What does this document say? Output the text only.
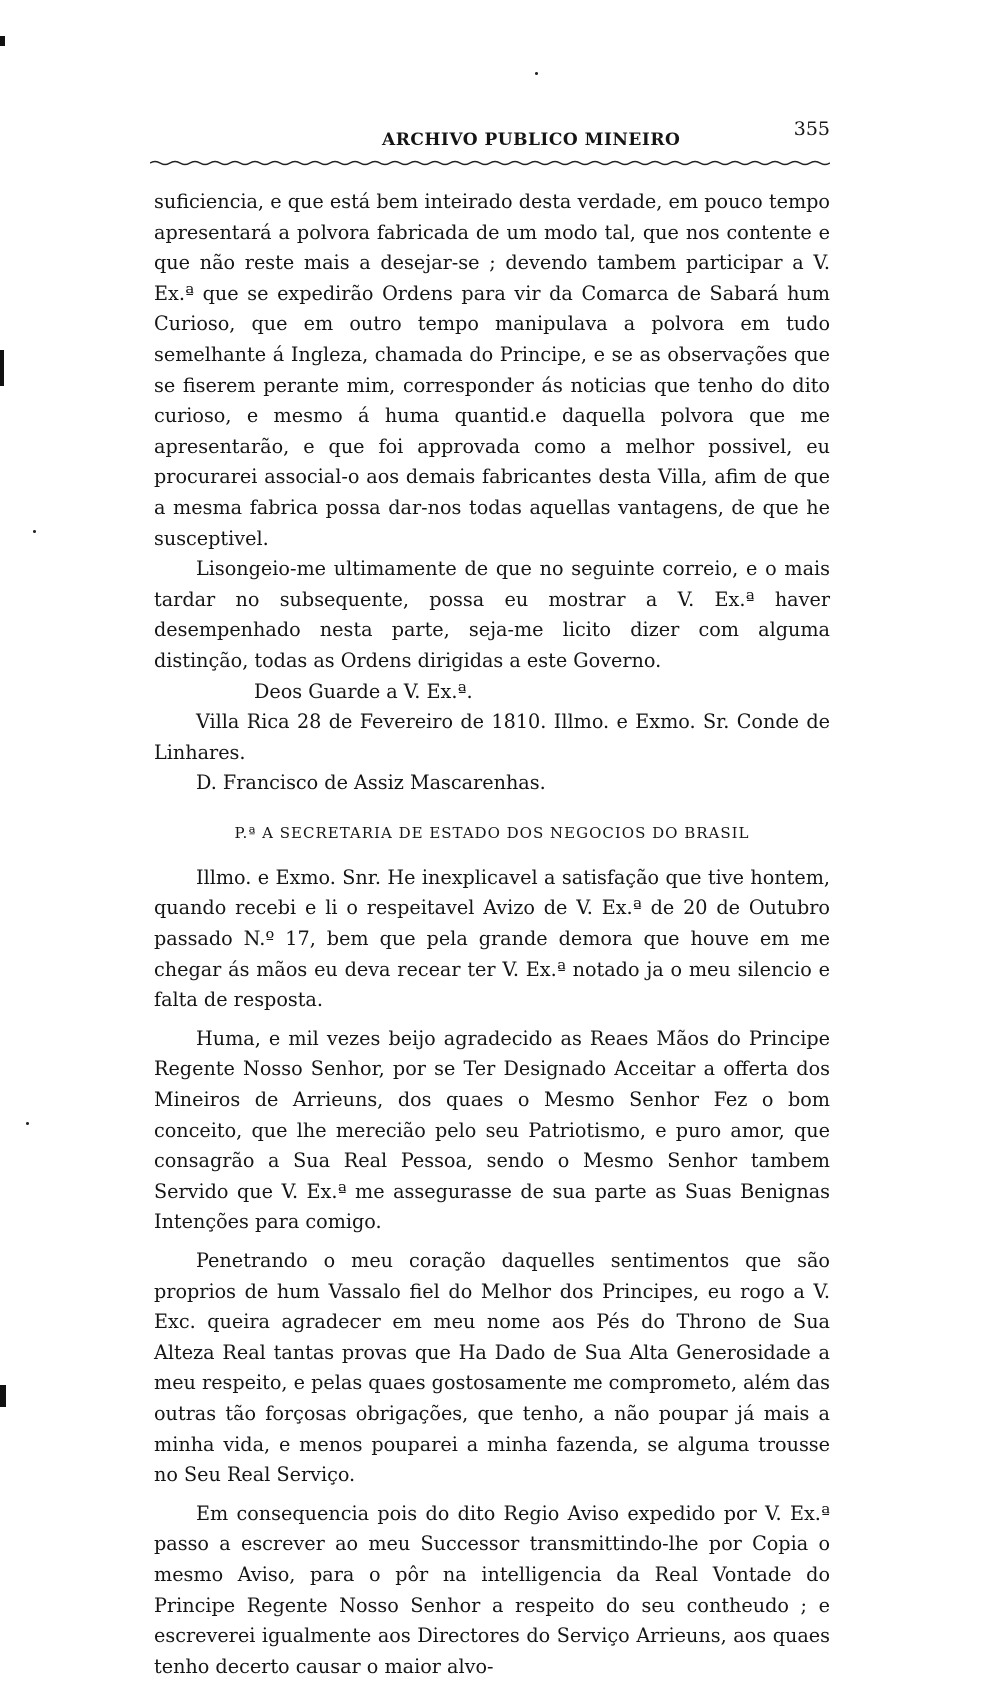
ARCHIVO PUBLICO MINEIRO	355

suficiencia, e que está bem inteirado desta verdade, em pouco tempo apresentará a polvora fabricada de um modo tal, que nos contente e que não reste mais a desejar-se ; devendo tambem participar a V. Ex.ª que se expedirão Ordens para vir da Comarca de Sabará hum Curioso, que em outro tempo manipulava a polvora em tudo semelhante á Ingleza, chamada do Principe, e se as observações que se fiserem perante mim, corresponder ás noticias que tenho do dito curioso, e mesmo á huma quantid.e daquella polvora que me apresentarão, e que foi approvada como a melhor possivel, eu procurarei associal-o aos demais fabricantes desta Villa, afim de que a mesma fabrica possa dar-nos todas aquellas vantagens, de que he susceptivel.

Lisongeio-me ultimamente de que no seguinte correio, e o mais tardar no subsequente, possa eu mostrar a V. Ex.ª haver desempenhado nesta parte, seja-me licito dizer com alguma distinção, todas as Ordens dirigidas a este Governo.

Deos Guarde a V. Ex.ª.

Villa Rica 28 de Fevereiro de 1810. Illmo. e Exmo. Sr. Conde de Linhares.

D. Francisco de Assiz Mascarenhas.

P.ª A SECRETARIA DE ESTADO DOS NEGOCIOS DO BRASIL

Illmo. e Exmo. Snr. He inexplicavel a satisfação que tive hontem, quando recebi e li o respeitavel Avizo de V. Ex.ª de 20 de Outubro passado N.º 17, bem que pela grande demora que houve em me chegar ás mãos eu deva recear ter V. Ex.ª notado ja o meu silencio e falta de resposta.

Huma, e mil vezes beijo agradecido as Reaes Mãos do Principe Regente Nosso Senhor, por se Ter Designado Acceitar a offerta dos Mineiros de Arrieuns, dos quaes o Mesmo Senhor Fez o bom conceito, que lhe merecião pelo seu Patriotismo, e puro amor, que consagrão a Sua Real Pessoa, sendo o Mesmo Senhor tambem Servido que V. Ex.ª me assegurasse de sua parte as Suas Benignas Intenções para comigo.

Penetrando o meu coração daquelles sentimentos que são proprios de hum Vassalo fiel do Melhor dos Principes, eu rogo a V. Exc. queira agradecer em meu nome aos Pés do Throno de Sua Alteza Real tantas provas que Ha Dado de Sua Alta Generosidade a meu respeito, e pelas quaes gostosamente me comprometo, além das outras tão forçosas obrigações, que tenho, a não poupar já mais a minha vida, e menos pouparei a minha fazenda, se alguma trousse no Seu Real Serviço.

Em consequencia pois do dito Regio Aviso expedido por V. Ex.ª passo a escrever ao meu Successor transmittindo-lhe por Copia o mesmo Aviso, para o pôr na intelligencia da Real Vontade do Principe Regente Nosso Senhor a respeito do seu contheudo ; e escreverei igualmente aos Directores do Serviço Arrieuns, aos quaes tenho decerto causar o maior alvo-
